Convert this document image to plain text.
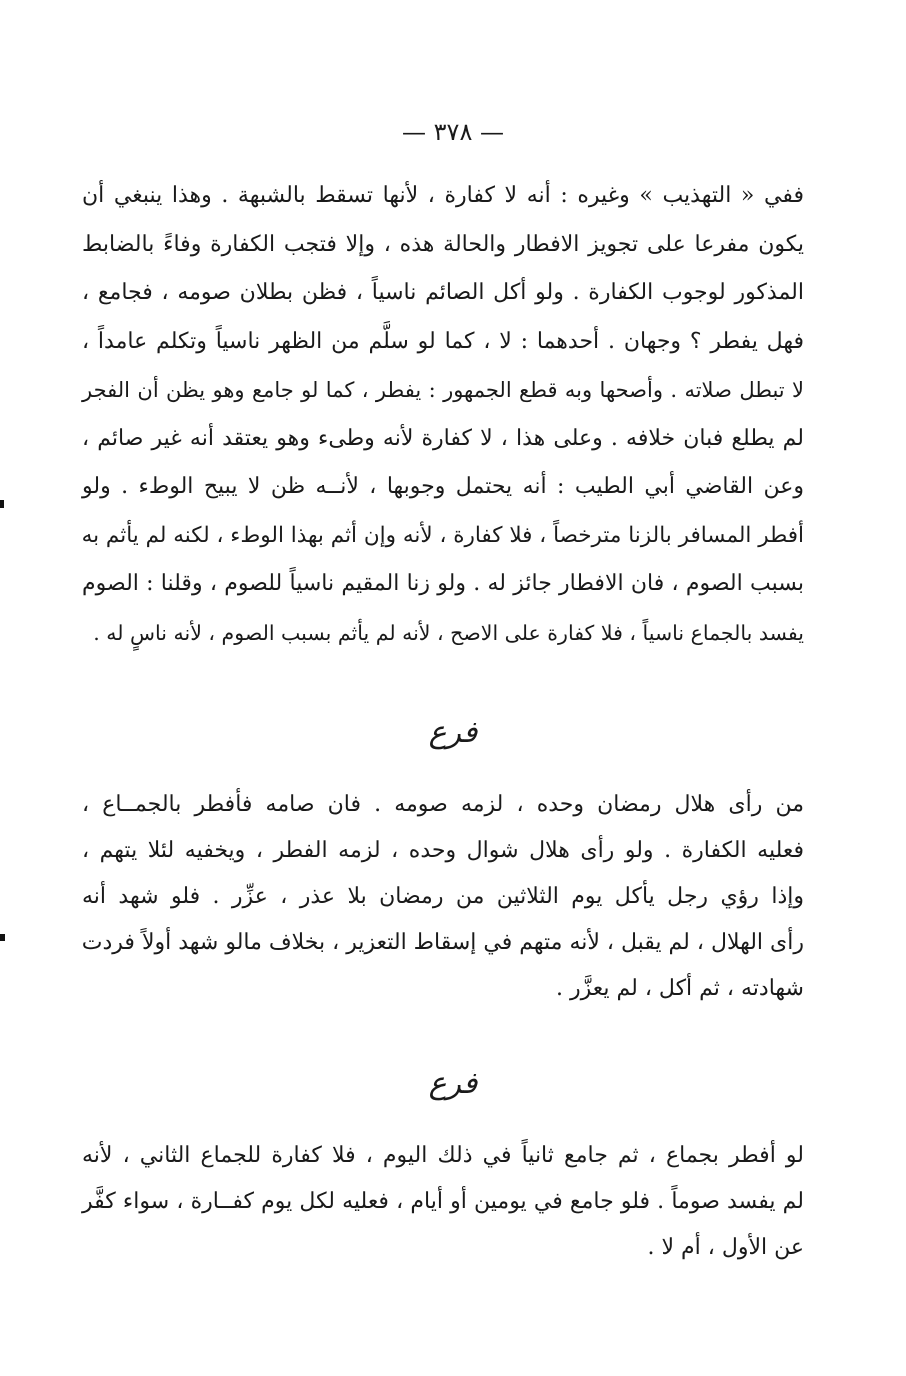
— ٣٧٨ —
ففي « التهذيب » وغيره : أنه لا كفارة ، لأنها تسقط بالشبهة . وهذا ينبغي أن
يكون مفرعا على تجويز الافطار والحالة هذه ، وإلا فتجب الكفارة وفاءً بالضابط
المذكور لوجوب الكفارة . ولو أكل الصائم ناسياً ، فظن بطلان صومه ، فجامع ،
فهل يفطر ؟ وجهان . أحدهما : لا ، كما لو سلَّم من الظهر ناسياً وتكلم عامداً ،
لا تبطل صلاته . وأصحها وبه قطع الجمهور : يفطر ، كما لو جامع وهو يظن أن الفجر
لم يطلع فبان خلافه . وعلى هذا ، لا كفارة لأنه وطىء وهو يعتقد أنه غير صائم ،
وعن القاضي أبي الطيب : أنه يحتمل وجوبها ، لأنــه ظن لا يبيح الوطء . ولو
أفطر المسافر بالزنا مترخصاً ، فلا كفارة ، لأنه وإن أثم بهذا الوطء ، لكنه لم يأثم به
بسبب الصوم ، فان الافطار جائز له . ولو زنا المقيم ناسياً للصوم ، وقلنا : الصوم
يفسد بالجماع ناسياً ، فلا كفارة على الاصح ، لأنه لم يأثم بسبب الصوم ، لأنه ناسٍ له .
فرع
من رأى هلال رمضان وحده ، لزمه صومه . فان صامه فأفطر بالجمــاع ،
فعليه الكفارة . ولو رأى هلال شوال وحده ، لزمه الفطر ، ويخفيه لئلا يتهم ،
وإذا رؤي رجل يأكل يوم الثلاثين من رمضان بلا عذر ، عزِّر . فلو شهد أنه
رأى الهلال ، لم يقبل ، لأنه متهم في إسقاط التعزير ، بخلاف مالو شهد أولاً فردت
شهادته ، ثم أكل ، لم يعزَّر .
فرع
لو أفطر بجماع ، ثم جامع ثانياً في ذلك اليوم ، فلا كفارة للجماع الثاني ، لأنه
لم يفسد صوماً . فلو جامع في يومين أو أيام ، فعليه لكل يوم كفــارة ، سواء كفَّر
عن الأول ، أم لا .
